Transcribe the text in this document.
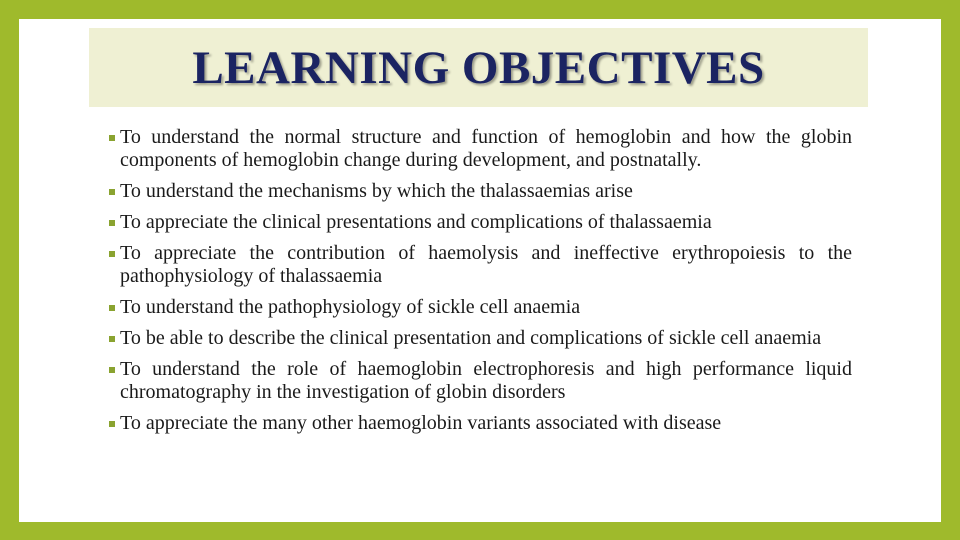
LEARNING OBJECTIVES
To understand the normal structure and function of hemoglobin and how the globin components of hemoglobin change during development, and postnatally.
To understand the mechanisms by which the thalassaemias arise
To appreciate the clinical presentations and complications of thalassaemia
To appreciate the contribution of haemolysis and ineffective erythropoiesis to the pathophysiology of thalassaemia
To understand the pathophysiology of sickle cell anaemia
To be able to describe the clinical presentation and complications of sickle cell anaemia
To understand the role of haemoglobin electrophoresis and high performance liquid chromatography in the investigation of globin disorders
To appreciate the many other haemoglobin variants associated with disease
